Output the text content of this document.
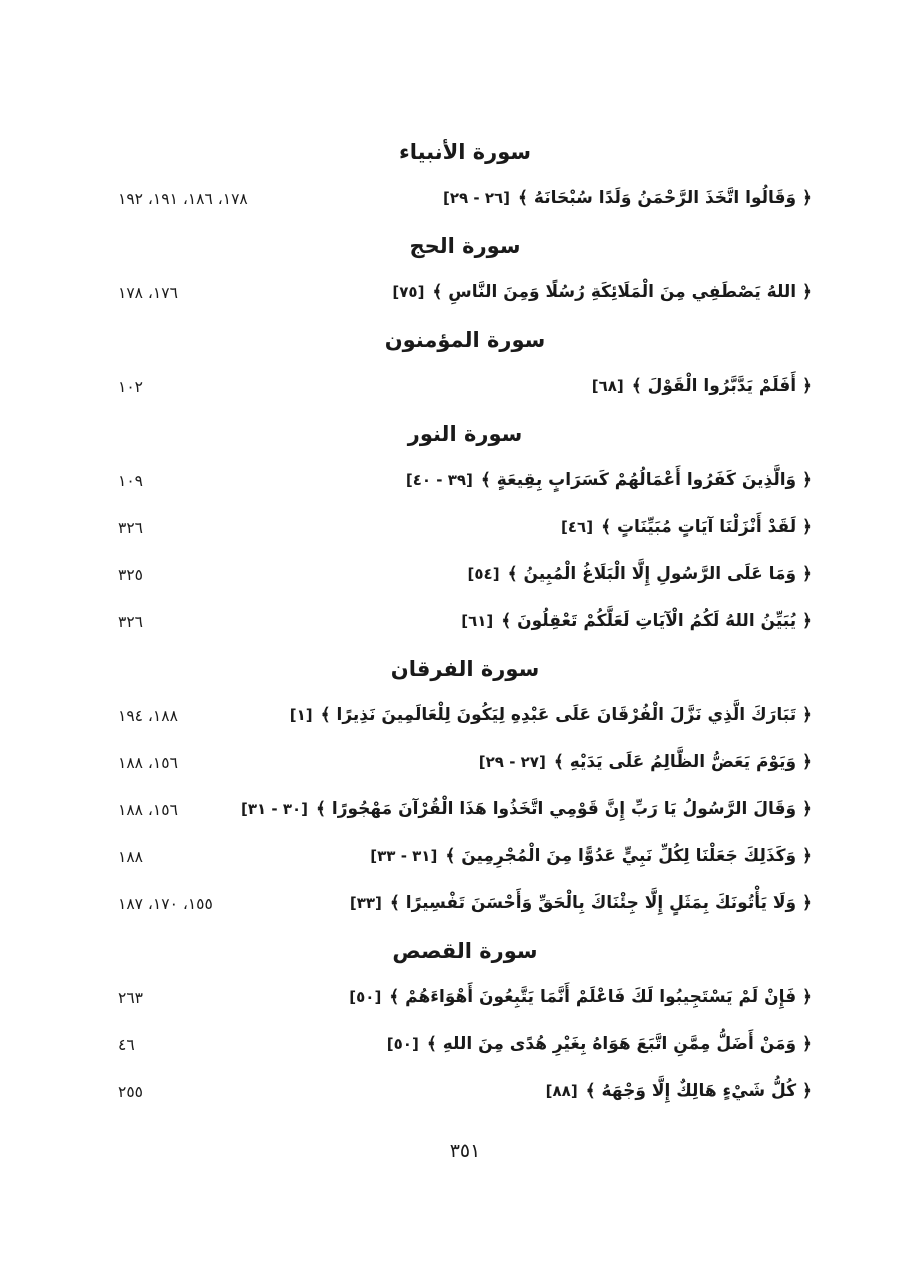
سورة الأنبياء
﴿ وَقَالُوا اتَّخَذَ الرَّحْمَنُ وَلَدًا سُبْحَانَهُ ﴾[٢٦ - ٢٩]
١٧٨، ١٨٦، ١٩١، ١٩٢
سورة الحج
﴿ اللهُ يَصْطَفِي مِنَ الْمَلَائِكَةِ رُسُلًا وَمِنَ النَّاسِ ﴾[٧٥]
١٧٦، ١٧٨
سورة المؤمنون
﴿ أَفَلَمْ يَدَّبَّرُوا الْقَوْلَ ﴾[٦٨]
١٠٢
سورة النور
﴿ وَالَّذِينَ كَفَرُوا أَعْمَالُهُمْ كَسَرَابٍ بِقِيعَةٍ ﴾[٣٩ - ٤٠]
١٠٩
﴿ لَقَدْ أَنْزَلْنَا آيَاتٍ مُبَيِّنَاتٍ ﴾[٤٦]
٣٢٦
﴿ وَمَا عَلَى الرَّسُولِ إِلَّا الْبَلَاغُ الْمُبِينُ ﴾[٥٤]
٣٢٥
﴿ يُبَيِّنُ اللهُ لَكُمُ الْآيَاتِ لَعَلَّكُمْ تَعْقِلُونَ ﴾[٦١]
٣٢٦
سورة الفرقان
﴿ تَبَارَكَ الَّذِي نَزَّلَ الْفُرْقَانَ عَلَى عَبْدِهِ لِيَكُونَ لِلْعَالَمِينَ نَذِيرًا ﴾[١]
١٨٨، ١٩٤
﴿ وَيَوْمَ يَعَضُّ الظَّالِمُ عَلَى يَدَيْهِ ﴾[٢٧ - ٢٩]
١٥٦، ١٨٨
﴿ وَقَالَ الرَّسُولُ يَا رَبِّ إِنَّ قَوْمِي اتَّخَذُوا هَذَا الْقُرْآنَ مَهْجُورًا ﴾[٣٠ - ٣١]
١٥٦، ١٨٨
﴿ وَكَذَلِكَ جَعَلْنَا لِكُلِّ نَبِيٍّ عَدُوًّا مِنَ الْمُجْرِمِينَ ﴾[٣١ - ٣٣]
١٨٨
﴿ وَلَا يَأْتُونَكَ بِمَثَلٍ إِلَّا جِئْنَاكَ بِالْحَقِّ وَأَحْسَنَ تَفْسِيرًا ﴾[٣٣]
١٥٥، ١٧٠، ١٨٧
سورة القصص
﴿ فَإِنْ لَمْ يَسْتَجِيبُوا لَكَ فَاعْلَمْ أَنَّمَا يَتَّبِعُونَ أَهْوَاءَهُمْ ﴾[٥٠]
٢٦٣
﴿ وَمَنْ أَضَلُّ مِمَّنِ اتَّبَعَ هَوَاهُ بِغَيْرِ هُدًى مِنَ اللهِ ﴾[٥٠]
٤٦
﴿ كُلُّ شَيْءٍ هَالِكٌ إِلَّا وَجْهَهُ ﴾[٨٨]
٢٥٥
٣٥١
